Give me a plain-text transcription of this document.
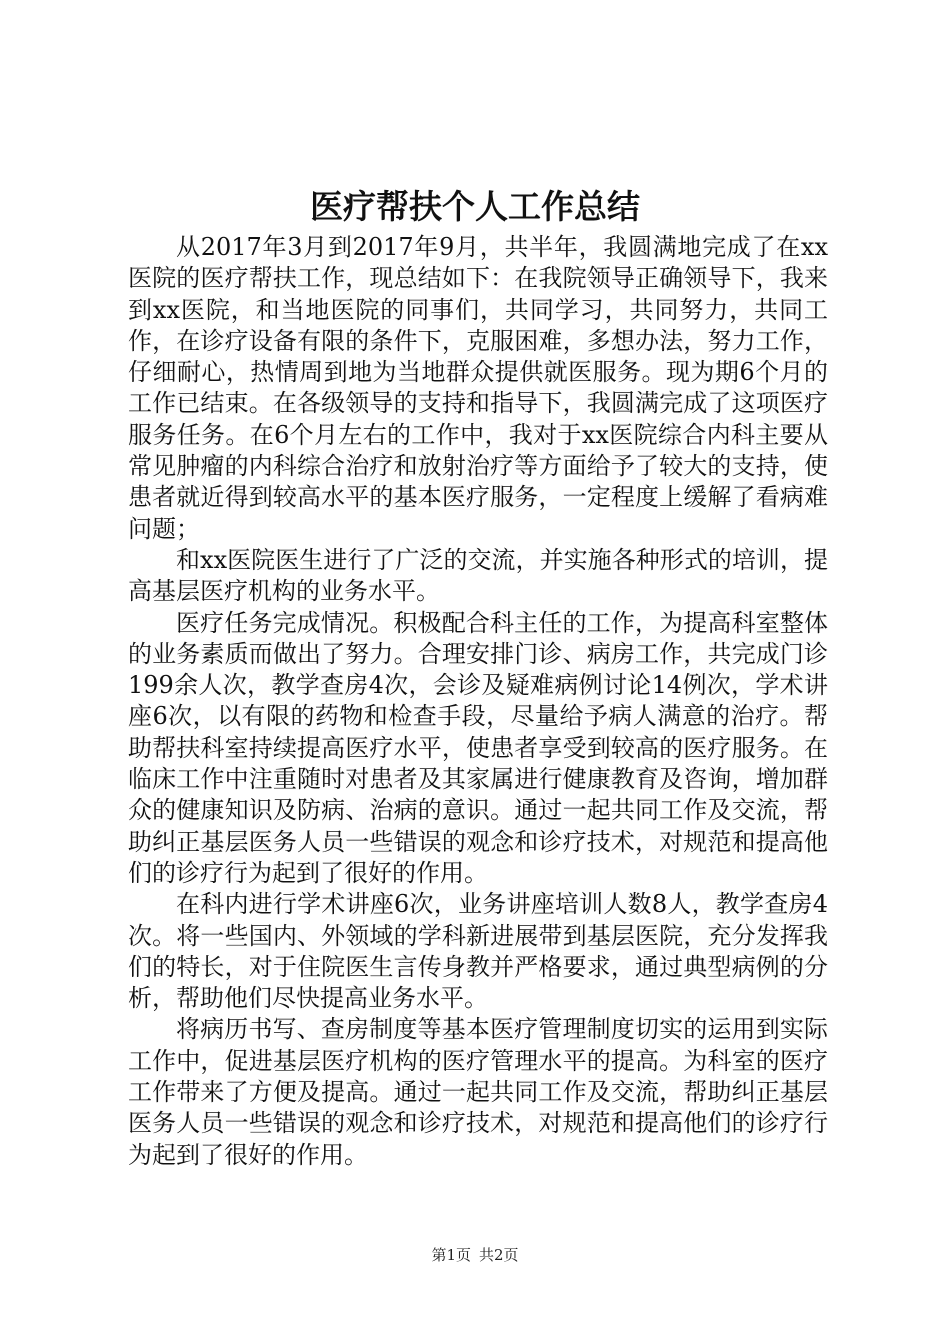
医疗帮扶个人工作总结

从2017年3月到2017年9月，共半年，我圆满地完成了在xx医院的医疗帮扶工作，现总结如下：在我院领导正确领导下，我来到xx医院，和当地医院的同事们，共同学习，共同努力，共同工作，在诊疗设备有限的条件下，克服困难，多想办法，努力工作，仔细耐心，热情周到地为当地群众提供就医服务。现为期6个月的工作已结束。在各级领导的支持和指导下，我圆满完成了这项医疗服务任务。在6个月左右的工作中，我对于xx医院综合内科主要从常见肿瘤的内科综合治疗和放射治疗等方面给予了较大的支持，使患者就近得到较高水平的基本医疗服务，一定程度上缓解了看病难问题；

和xx医院医生进行了广泛的交流，并实施各种形式的培训，提高基层医疗机构的业务水平。

医疗任务完成情况。积极配合科主任的工作，为提高科室整体的业务素质而做出了努力。合理安排门诊、病房工作，共完成门诊199余人次，教学查房4次，会诊及疑难病例讨论14例次，学术讲座6次，以有限的药物和检查手段，尽量给予病人满意的治疗。帮助帮扶科室持续提高医疗水平，使患者享受到较高的医疗服务。在临床工作中注重随时对患者及其家属进行健康教育及咨询，增加群众的健康知识及防病、治病的意识。通过一起共同工作及交流，帮助纠正基层医务人员一些错误的观念和诊疗技术，对规范和提高他们的诊疗行为起到了很好的作用。

在科内进行学术讲座6次，业务讲座培训人数8人，教学查房4次。将一些国内、外领域的学科新进展带到基层医院，充分发挥我们的特长，对于住院医生言传身教并严格要求，通过典型病例的分析，帮助他们尽快提高业务水平。

将病历书写、查房制度等基本医疗管理制度切实的运用到实际工作中，促进基层医疗机构的医疗管理水平的提高。为科室的医疗工作带来了方便及提高。通过一起共同工作及交流，帮助纠正基层医务人员一些错误的观念和诊疗技术，对规范和提高他们的诊疗行为起到了很好的作用。

第1页 共2页
